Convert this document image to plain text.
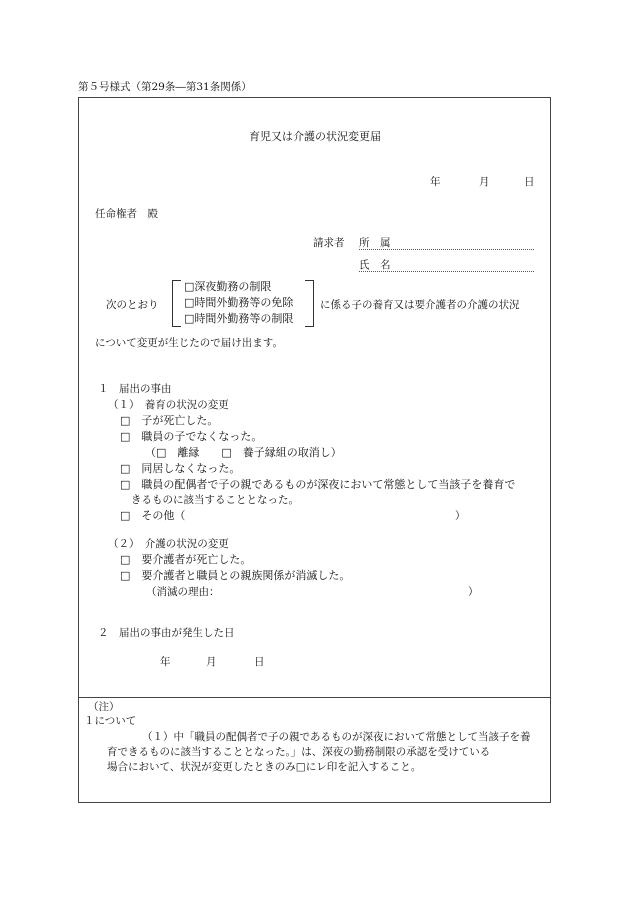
第５号様式（第29条―第31条関係）
育児又は介護の状況変更届
年	月	日
任命権者　殿
請求者 所　属
氏　名
次のとおり
□深夜勤務の制限
□時間外勤務等の免除
□時間外勤務等の制限
に係る子の養育又は要介護者の介護の状況
について変更が生じたので届け出ます。
１　届出の事由
（１）　養育の状況の変更
□　子が死亡した。
□　職員の子でなくなった。
（□　離縁　　□　養子縁組の取消し）
□　同居しなくなった。
□　職員の配偶者で子の親であるものが深夜において常態として当該子を養育で
きるものに該当することとなった。
□　その他（	）
（２）　介護の状況の変更
□　要介護者が死亡した。
□　要介護者と職員との親族関係が消滅した。
（消滅の理由：	）
２　届出の事由が発生した日
年	月	日
（注）
１について
（１）中「職員の配偶者で子の親であるものが深夜において常態として当該子を養
育できるものに該当することとなった。」は、深夜の勤務制限の承認を受けている
場合において、状況が変更したときのみ□にレ印を記入すること。
